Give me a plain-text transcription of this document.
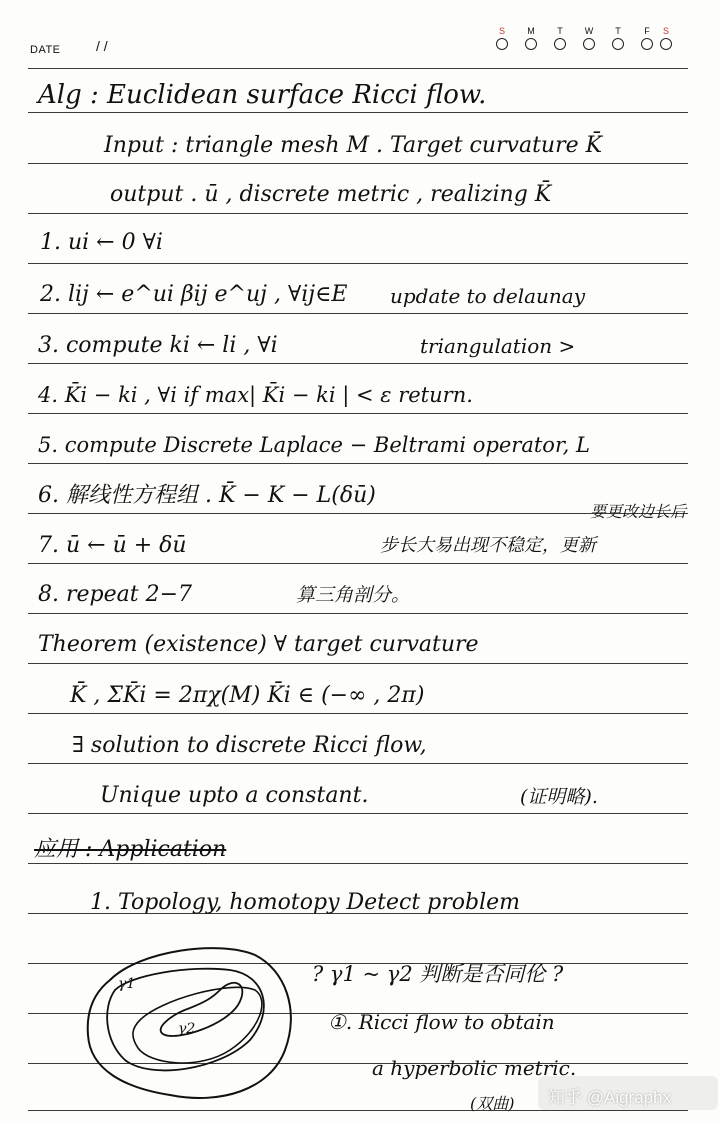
DATE	/ /
S	M	T	W	T	F	S
Alg : Euclidean surface Ricci flow.
Input : triangle mesh M . Target curvature K̄
output . ū , discrete metric , realizing K̄
1. ui ← 0 ∀i
2. lij ← e^ui βij e^uj , ∀ij∈E
3. compute ki ← li , ∀i
4. K̄i − ki , ∀i if max| K̄i − ki | < ε return.
5. compute Discrete Laplace − Beltrami operator, L
6. 解线性方程组 . K̄ − K − L(δū)
7. ū ← ū + δū
8. repeat 2−7
Theorem (existence) ∀ target curvature
K̄ , ΣK̄i = 2πχ(M) K̄i ∈ (−∞ , 2π)
∃ solution to discrete Ricci flow,
Unique upto a constant.
应用 : Application
1. Topology, homotopy Detect problem
update to delaunay
triangulation >
要更改边长后
步长大易出现不稳定，更新
算三角剖分。
(证明略).
? γ1 ~ γ2 判断是否同伦 ?
①. Ricci flow to obtain
a hyperbolic metric.
(双曲)
γ1
γ2
知乎 @Aigraphx
